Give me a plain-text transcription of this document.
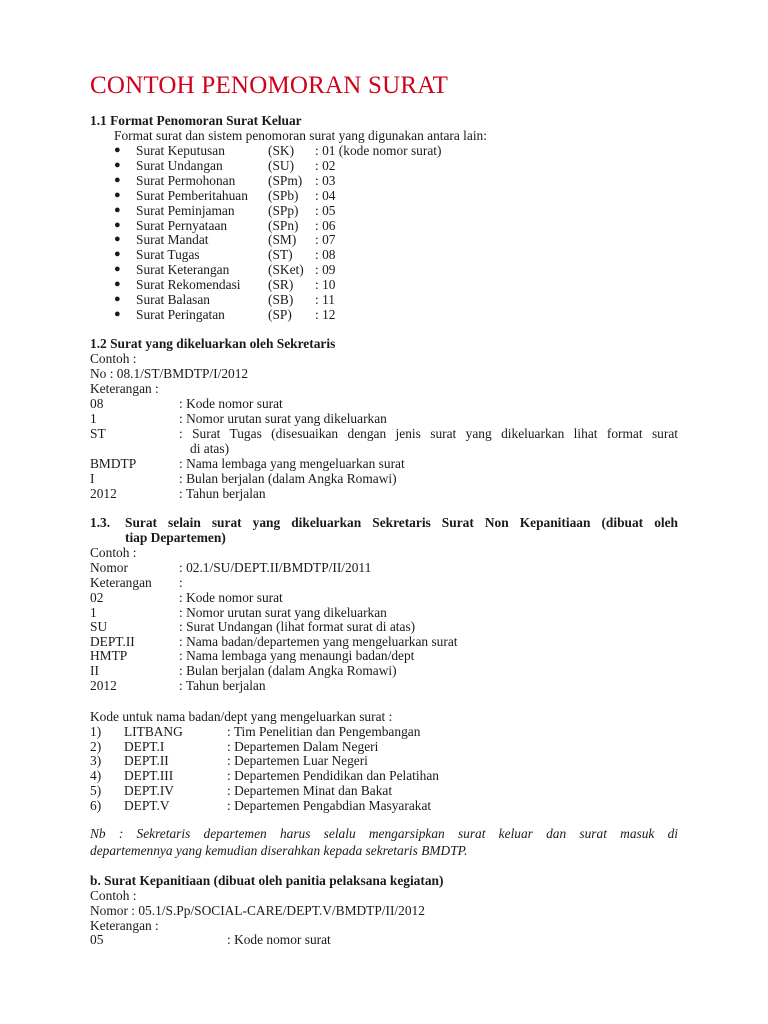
CONTOH PENOMORAN SURAT
1.1 Format Penomoran Surat Keluar
Format surat dan sistem penomoran surat yang digunakan antara lain:
● Surat Keputusan	(SK) : 01 (kode nomor surat)
● Surat Undangan	(SU) : 02
● Surat Permohonan (SPm) : 03
● Surat Pemberitahuan (SPb) : 04
● Surat Peminjaman (SPp) : 05
● Surat Pernyataan	(SPn) : 06
● Surat Mandat	(SM) : 07
● Surat Tugas	(ST) : 08
● Surat Keterangan	(SKet) : 09
● Surat Rekomendasi (SR) : 10
● Surat Balasan	(SB) : 11
● Surat Peringatan	(SP) : 12
1.2 Surat yang dikeluarkan oleh Sekretaris
Contoh :
No : 08.1/ST/BMDTP/I/2012
Keterangan :
08	: Kode nomor surat
1	: Nomor urutan surat yang dikeluarkan
ST	: Surat Tugas (disesuaikan dengan jenis surat yang dikeluarkan lihat format surat
di atas)
BMDTP	: Nama lembaga yang mengeluarkan surat
I	: Bulan berjalan (dalam Angka Romawi)
2012	: Tahun berjalan
1.3. Surat selain surat yang dikeluarkan Sekretaris Surat Non Kepanitiaan (dibuat oleh
tiap Departemen)
Contoh :
Nomor	: 02.1/SU/DEPT.II/BMDTP/II/2011
Keterangan :
02	: Kode nomor surat
1	: Nomor urutan surat yang dikeluarkan
SU	: Surat Undangan (lihat format surat di atas)
DEPT.II	: Nama badan/departemen yang mengeluarkan surat
HMTP	: Nama lembaga yang menaungi badan/dept
II	: Bulan berjalan (dalam Angka Romawi)
2012	: Tahun berjalan
Kode untuk nama badan/dept yang mengeluarkan surat :
1) LITBANG	: Tim Penelitian dan Pengembangan
2) DEPT.I	: Departemen Dalam Negeri
3) DEPT.II	: Departemen Luar Negeri
4) DEPT.III	: Departemen Pendidikan dan Pelatihan
5) DEPT.IV	: Departemen Minat dan Bakat
6) DEPT.V	: Departemen Pengabdian Masyarakat
Nb : Sekretaris departemen harus selalu mengarsipkan surat keluar dan surat masuk di
departemennya yang kemudian diserahkan kepada sekretaris BMDTP.
b. Surat Kepanitiaan (dibuat oleh panitia pelaksana kegiatan)
Contoh :
Nomor : 05.1/S.Pp/SOCIAL-CARE/DEPT.V/BMDTP/II/2012
Keterangan :
05	: Kode nomor surat
